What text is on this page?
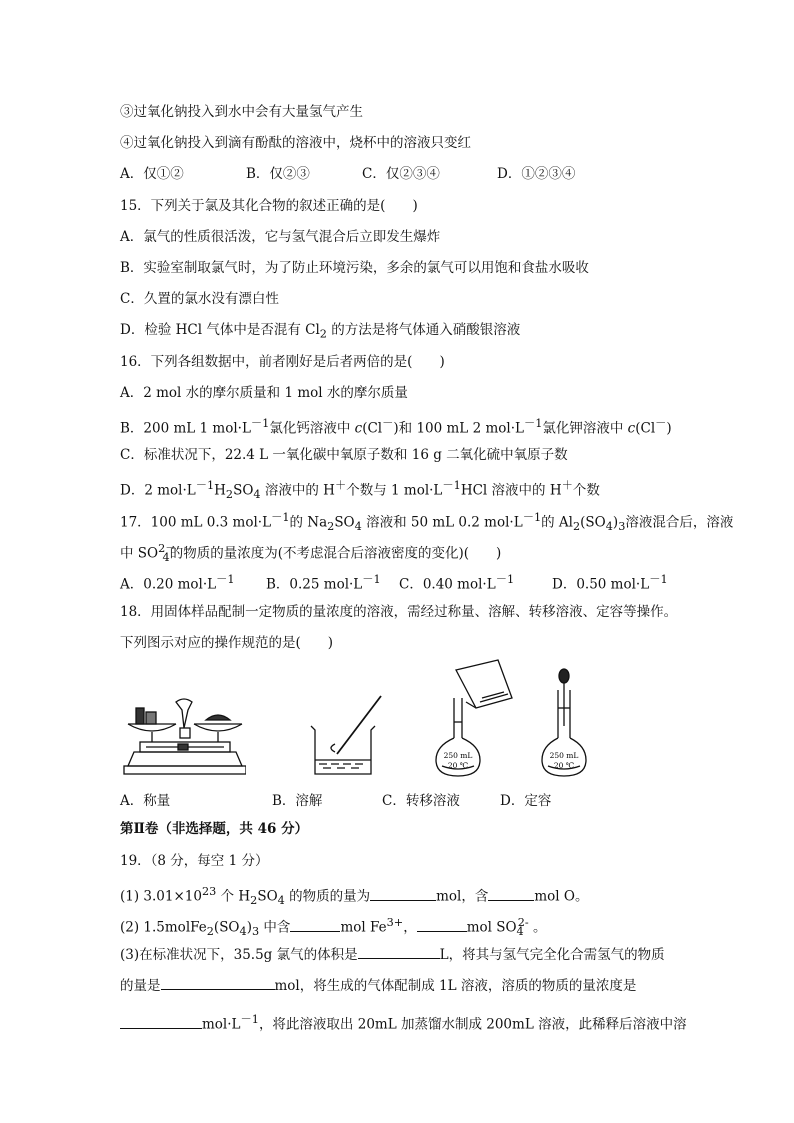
③过氧化钠投入到水中会有大量氢气产生
④过氧化钠投入到滴有酚酞的溶液中，烧杯中的溶液只变红
A．仅①②	B．仅②③	C．仅②③④	D．①②③④
15．下列关于氯及其化合物的叙述正确的是(　　)
A．氯气的性质很活泼，它与氢气混合后立即发生爆炸
B．实验室制取氯气时，为了防止环境污染，多余的氯气可以用饱和食盐水吸收
C．久置的氯水没有漂白性
D．检验 HCl 气体中是否混有 $Cl_2$ 的方法是将气体通入硝酸银溶液
16．下列各组数据中，前者刚好是后者两倍的是(　　)
A．2 mol 水的摩尔质量和 1 mol 水的摩尔质量
B．200 mL 1 $mol\cdot L^{-1}$氯化钙溶液中 c(Cl－)和 100 mL 2 $mol\cdot L^{-1}$氯化钾溶液中 c(Cl－)
C．标准状况下，22.4 L 一氧化碳中氧原子数和 16 g 二氧化硫中氧原子数
D．2 $mol\cdot L^{-1}H_2SO_4$ 溶液中的 H＋个数与 1 $mol\cdot L^{-1}HCl$ 溶液中的 H＋个数
17．100 mL 0.3 $mol\cdot L^{-1}$的 $Na_2SO_4$ 溶液和 50 mL 0.2 $mol\cdot L^{-1}$的 $Al_2(SO_4)_3$溶液混合后，溶液
中 $SO^{2-}_4$的物质的量浓度为(不考虑混合后溶液密度的变化)(　　)
A．0.20 $mol\cdot L^{-1}$ B．0.25 $mol\cdot L^{-1}$ C．0.40 $mol\cdot L^{-1}$	D．0.50 $mol\cdot L^{-1}$
18．用固体样品配制一定物质的量浓度的溶液，需经过称量、溶解、转移溶液、定容等操作。
下列图示对应的操作规范的是(　　)
250 mL
20 ℃
250 mL
20 ℃
A．称量	B．溶解	C．转移溶液	D．定容
第Ⅱ卷（非选择题，共 46 分）
19．（8 分，每空 1 分）
(1) $3.01\times 10^{23}$ 个 $H_2SO_4$ 的物质的量为	mol，含	mol O。
(2) $1.5molFe_2(SO_4)_3$ 中含	mol $Fe^{3+}$，	mol $SO_4^{2-}$ 。
(3)在标准状况下，35.5g 氯气的体积是	L，将其与氢气完全化合需氢气的物质
的量是	mol，将生成的气体配制成 1L 溶液，溶质的物质的量浓度是
$mol\cdot L^{-1}$，将此溶液取出 20mL 加蒸馏水制成 200mL 溶液，此稀释后溶液中溶
